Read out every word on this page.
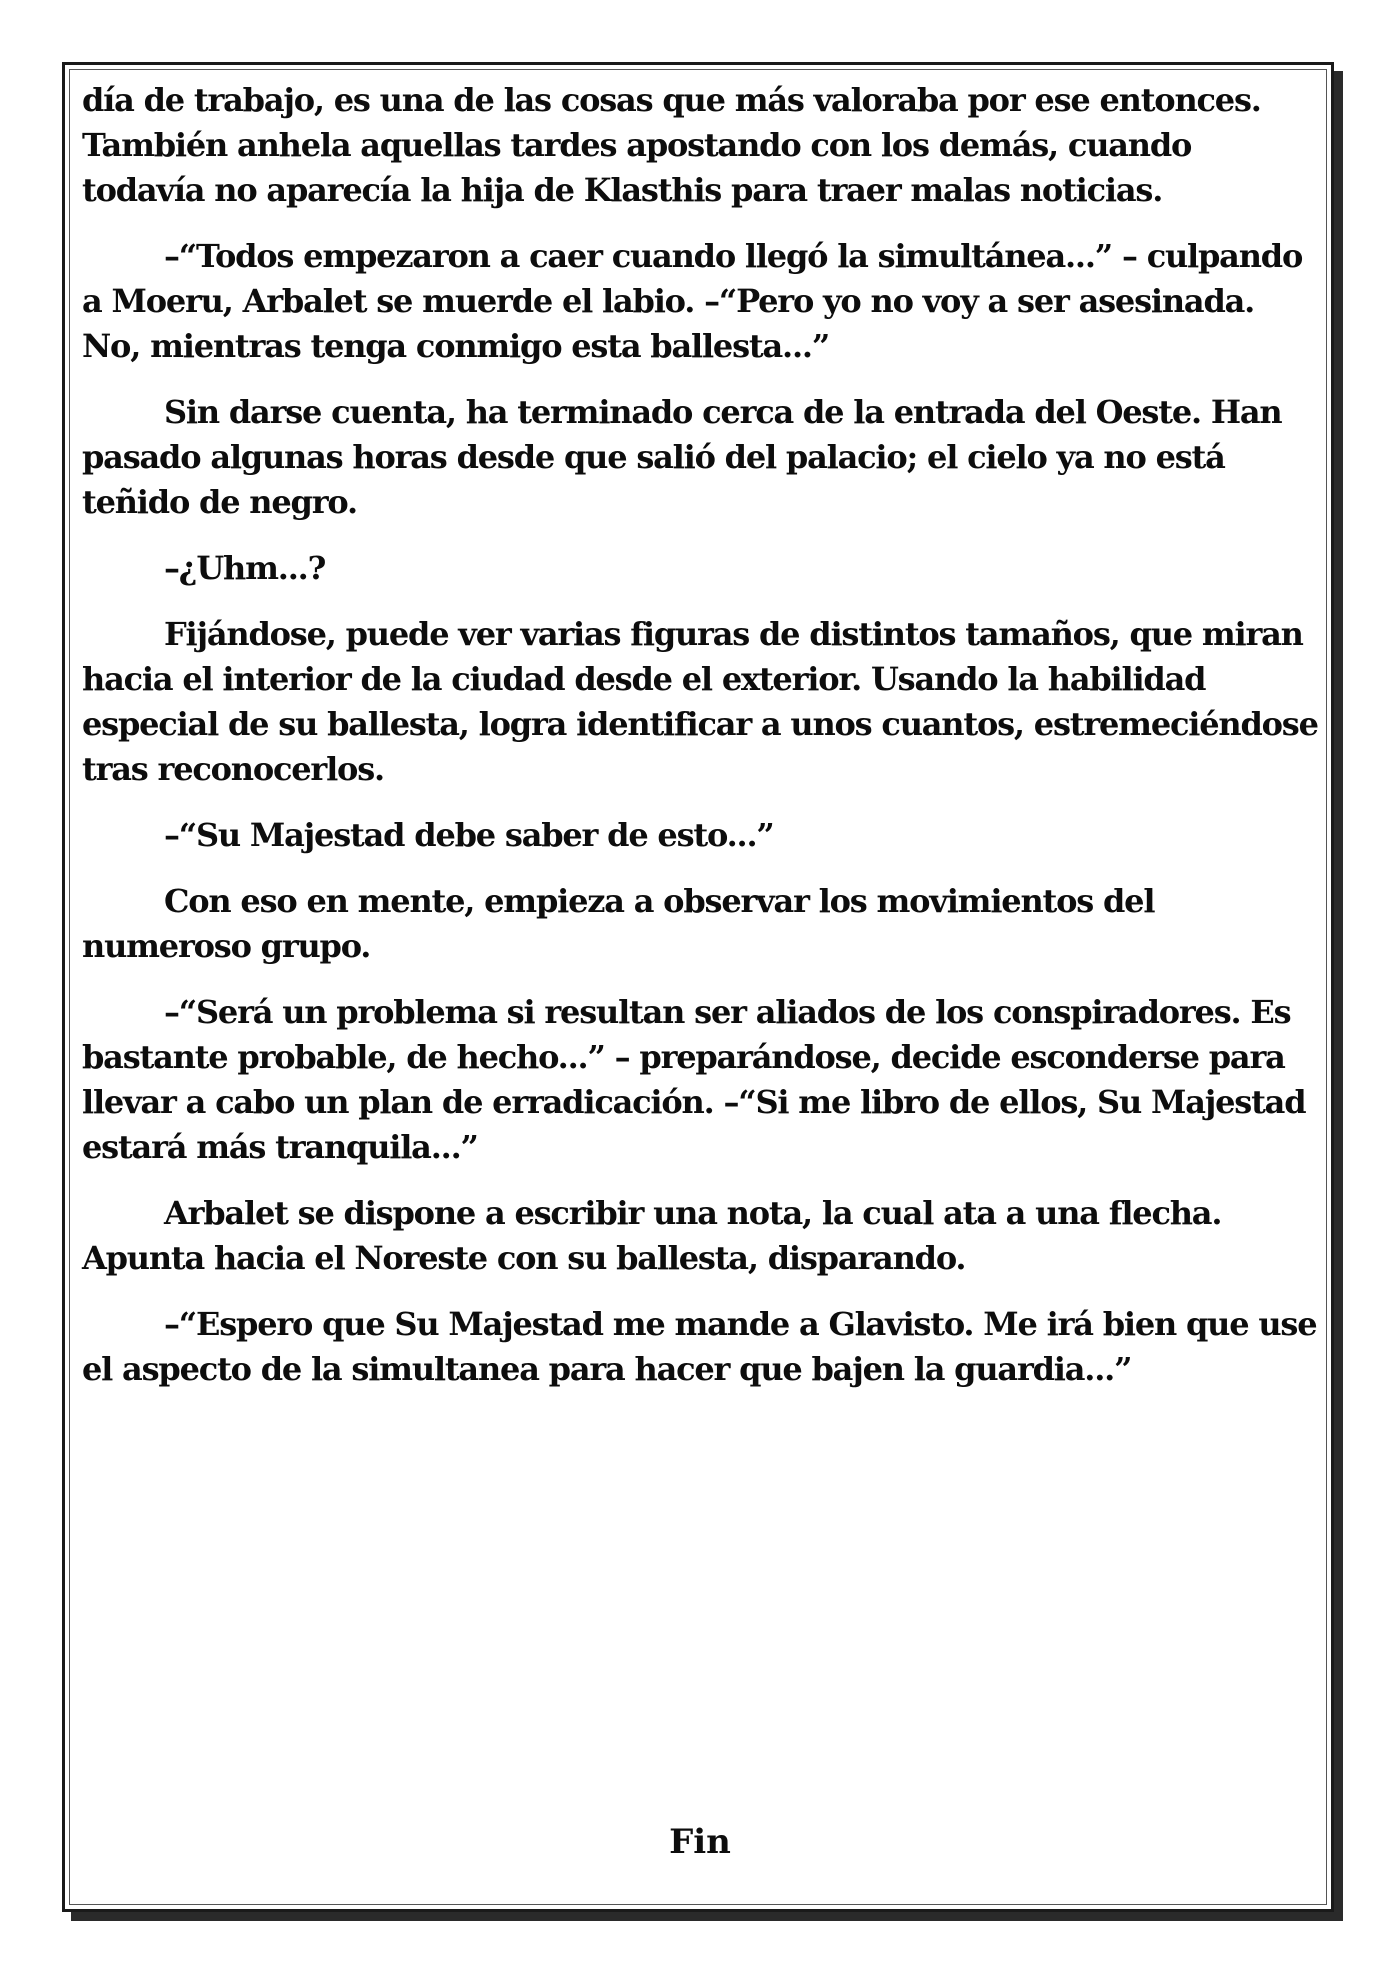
día de trabajo, es una de las cosas que más valoraba por ese entonces. También anhela aquellas tardes apostando con los demás, cuando todavía no aparecía la hija de Klasthis para traer malas noticias.

–“Todos empezaron a caer cuando llegó la simultánea...” – culpando a Moeru, Arbalet se muerde el labio. –“Pero yo no voy a ser asesinada. No, mientras tenga conmigo esta ballesta...”

Sin darse cuenta, ha terminado cerca de la entrada del Oeste. Han pasado algunas horas desde que salió del palacio; el cielo ya no está teñido de negro.

–¿Uhm...?

Fijándose, puede ver varias figuras de distintos tamaños, que miran hacia el interior de la ciudad desde el exterior. Usando la habilidad especial de su ballesta, logra identificar a unos cuantos, estremeciéndose tras reconocerlos.

–“Su Majestad debe saber de esto...”

Con eso en mente, empieza a observar los movimientos del numeroso grupo.

–“Será un problema si resultan ser aliados de los conspiradores. Es bastante probable, de hecho...” – preparándose, decide esconderse para llevar a cabo un plan de erradicación. –“Si me libro de ellos, Su Majestad estará más tranquila...”

Arbalet se dispone a escribir una nota, la cual ata a una flecha. Apunta hacia el Noreste con su ballesta, disparando.

–“Espero que Su Majestad me mande a Glavisto. Me irá bien que use el aspecto de la simultanea para hacer que bajen la guardia...”

Fin
